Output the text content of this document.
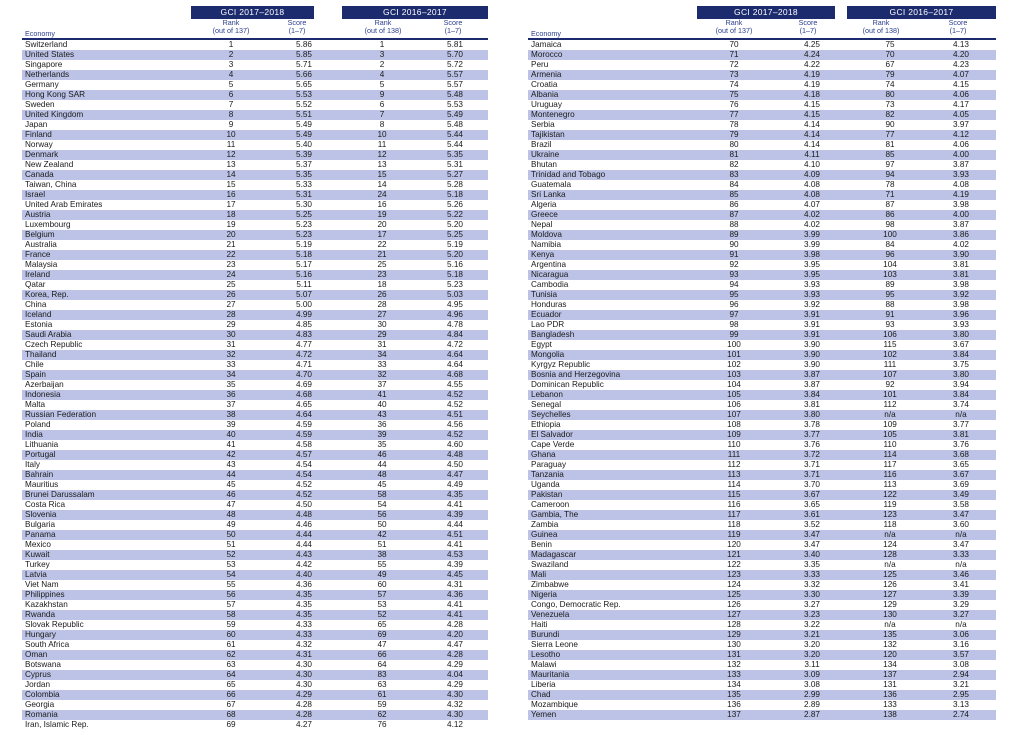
GCI 2017–2018	GCI 2016–2017
Economy
Rank
(out of 137)
Score
(1–7)
Rank
(out of 138)
Score
(1–7)
Switzerland	1	5.86	1	5.81
United States	2	5.85	3	5.70
Singapore	3	5.71	2	5.72
Netherlands	4	5.66	4	5.57
Germany	5	5.65	5	5.57
Hong Kong SAR	6	5.53	9	5.48
Sweden	7	5.52	6	5.53
United Kingdom	8	5.51	7	5.49
Japan	9	5.49	8	5.48
Finland	10	5.49	10	5.44
Norway	11	5.40	11	5.44
Denmark	12	5.39	12	5.35
New Zealand	13	5.37	13	5.31
Canada	14	5.35	15	5.27
Taiwan, China	15	5.33	14	5.28
Israel	16	5.31	24	5.18
United Arab Emirates	17	5.30	16	5.26
Austria	18	5.25	19	5.22
Luxembourg	19	5.23	20	5.20
Belgium	20	5.23	17	5.25
Australia	21	5.19	22	5.19
France	22	5.18	21	5.20
Malaysia	23	5.17	25	5.16
Ireland	24	5.16	23	5.18
Qatar	25	5.11	18	5.23
Korea, Rep.	26	5.07	26	5.03
China	27	5.00	28	4.95
Iceland	28	4.99	27	4.96
Estonia	29	4.85	30	4.78
Saudi Arabia	30	4.83	29	4.84
Czech Republic	31	4.77	31	4.72
Thailand	32	4.72	34	4.64
Chile	33	4.71	33	4.64
Spain	34	4.70	32	4.68
Azerbaijan	35	4.69	37	4.55
Indonesia	36	4.68	41	4.52
Malta	37	4.65	40	4.52
Russian Federation	38	4.64	43	4.51
Poland	39	4.59	36	4.56
India	40	4.59	39	4.52
Lithuania	41	4.58	35	4.60
Portugal	42	4.57	46	4.48
Italy	43	4.54	44	4.50
Bahrain	44	4.54	48	4.47
Mauritius	45	4.52	45	4.49
Brunei Darussalam	46	4.52	58	4.35
Costa Rica	47	4.50	54	4.41
Slovenia	48	4.48	56	4.39
Bulgaria	49	4.46	50	4.44
Panama	50	4.44	42	4.51
Mexico	51	4.44	51	4.41
Kuwait	52	4.43	38	4.53
Turkey	53	4.42	55	4.39
Latvia	54	4.40	49	4.45
Viet Nam	55	4.36	60	4.31
Philippines	56	4.35	57	4.36
Kazakhstan	57	4.35	53	4.41
Rwanda	58	4.35	52	4.41
Slovak Republic	59	4.33	65	4.28
Hungary	60	4.33	69	4.20
South Africa	61	4.32	47	4.47
Oman	62	4.31	66	4.28
Botswana	63	4.30	64	4.29
Cyprus	64	4.30	83	4.04
Jordan	65	4.30	63	4.29
Colombia	66	4.29	61	4.30
Georgia	67	4.28	59	4.32
Romania	68	4.28	62	4.30
Iran, Islamic Rep.	69	4.27	76	4.12
GCI 2017–2018	GCI 2016–2017
Economy
Rank
(out of 137)
Score
(1–7)
Rank
(out of 138)
Score
(1–7)
Jamaica	70	4.25	75	4.13
Morocco	71	4.24	70	4.20
Peru	72	4.22	67	4.23
Armenia	73	4.19	79	4.07
Croatia	74	4.19	74	4.15
Albania	75	4.18	80	4.06
Uruguay	76	4.15	73	4.17
Montenegro	77	4.15	82	4.05
Serbia	78	4.14	90	3.97
Tajikistan	79	4.14	77	4.12
Brazil	80	4.14	81	4.06
Ukraine	81	4.11	85	4.00
Bhutan	82	4.10	97	3.87
Trinidad and Tobago	83	4.09	94	3.93
Guatemala	84	4.08	78	4.08
Sri Lanka	85	4.08	71	4.19
Algeria	86	4.07	87	3.98
Greece	87	4.02	86	4.00
Nepal	88	4.02	98	3.87
Moldova	89	3.99	100	3.86
Namibia	90	3.99	84	4.02
Kenya	91	3.98	96	3.90
Argentina	92	3.95	104	3.81
Nicaragua	93	3.95	103	3.81
Cambodia	94	3.93	89	3.98
Tunisia	95	3.93	95	3.92
Honduras	96	3.92	88	3.98
Ecuador	97	3.91	91	3.96
Lao PDR	98	3.91	93	3.93
Bangladesh	99	3.91	106	3.80
Egypt	100	3.90	115	3.67
Mongolia	101	3.90	102	3.84
Kyrgyz Republic	102	3.90	111	3.75
Bosnia and Herzegovina	103	3.87	107	3.80
Dominican Republic	104	3.87	92	3.94
Lebanon	105	3.84	101	3.84
Senegal	106	3.81	112	3.74
Seychelles	107	3.80	n/a	n/a
Ethiopia	108	3.78	109	3.77
El Salvador	109	3.77	105	3.81
Cape Verde	110	3.76	110	3.76
Ghana	111	3.72	114	3.68
Paraguay	112	3.71	117	3.65
Tanzania	113	3.71	116	3.67
Uganda	114	3.70	113	3.69
Pakistan	115	3.67	122	3.49
Cameroon	116	3.65	119	3.58
Gambia, The	117	3.61	123	3.47
Zambia	118	3.52	118	3.60
Guinea	119	3.47	n/a	n/a
Benin	120	3.47	124	3.47
Madagascar	121	3.40	128	3.33
Swaziland	122	3.35	n/a	n/a
Mali	123	3.33	125	3.46
Zimbabwe	124	3.32	126	3.41
Nigeria	125	3.30	127	3.39
Congo, Democratic Rep.	126	3.27	129	3.29
Venezuela	127	3.23	130	3.27
Haiti	128	3.22	n/a	n/a
Burundi	129	3.21	135	3.06
Sierra Leone	130	3.20	132	3.16
Lesotho	131	3.20	120	3.57
Malawi	132	3.11	134	3.08
Mauritania	133	3.09	137	2.94
Liberia	134	3.08	131	3.21
Chad	135	2.99	136	2.95
Mozambique	136	2.89	133	3.13
Yemen	137	2.87	138	2.74
